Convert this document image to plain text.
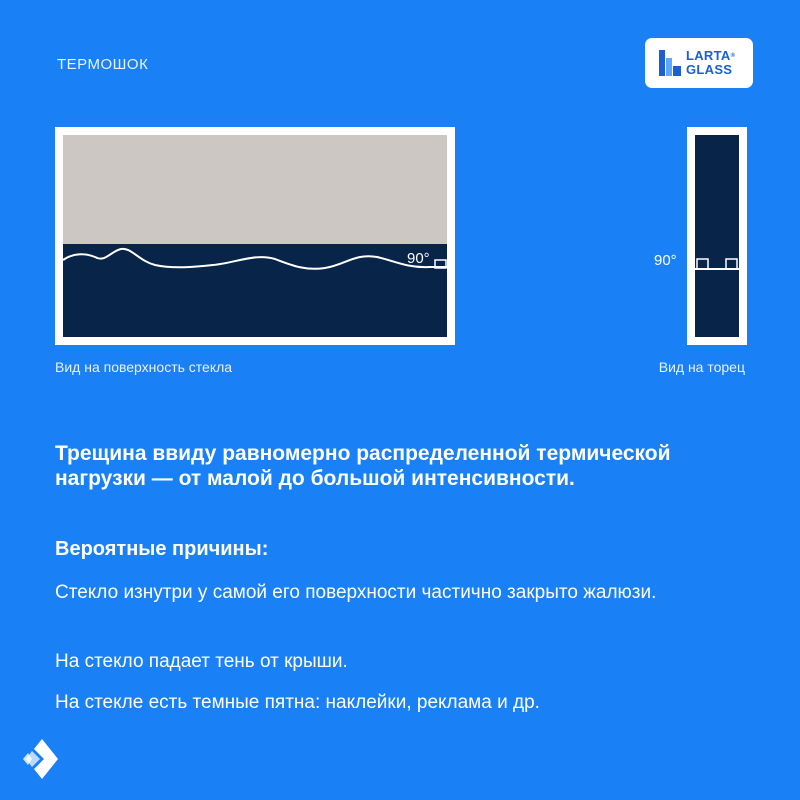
ТЕРМОШОК
LARTA®
GLASS
90°	90°
Вид на поверхность стекла	Вид на торец
Трещина ввиду равномерно распределенной термической нагрузки — от малой до большой интенсивности.
Вероятные причины:
Стекло изнутри у самой его поверхности частично закрыто жалюзи.
На стекло падает тень от крыши.
На стекле есть темные пятна: наклейки, реклама и др.
